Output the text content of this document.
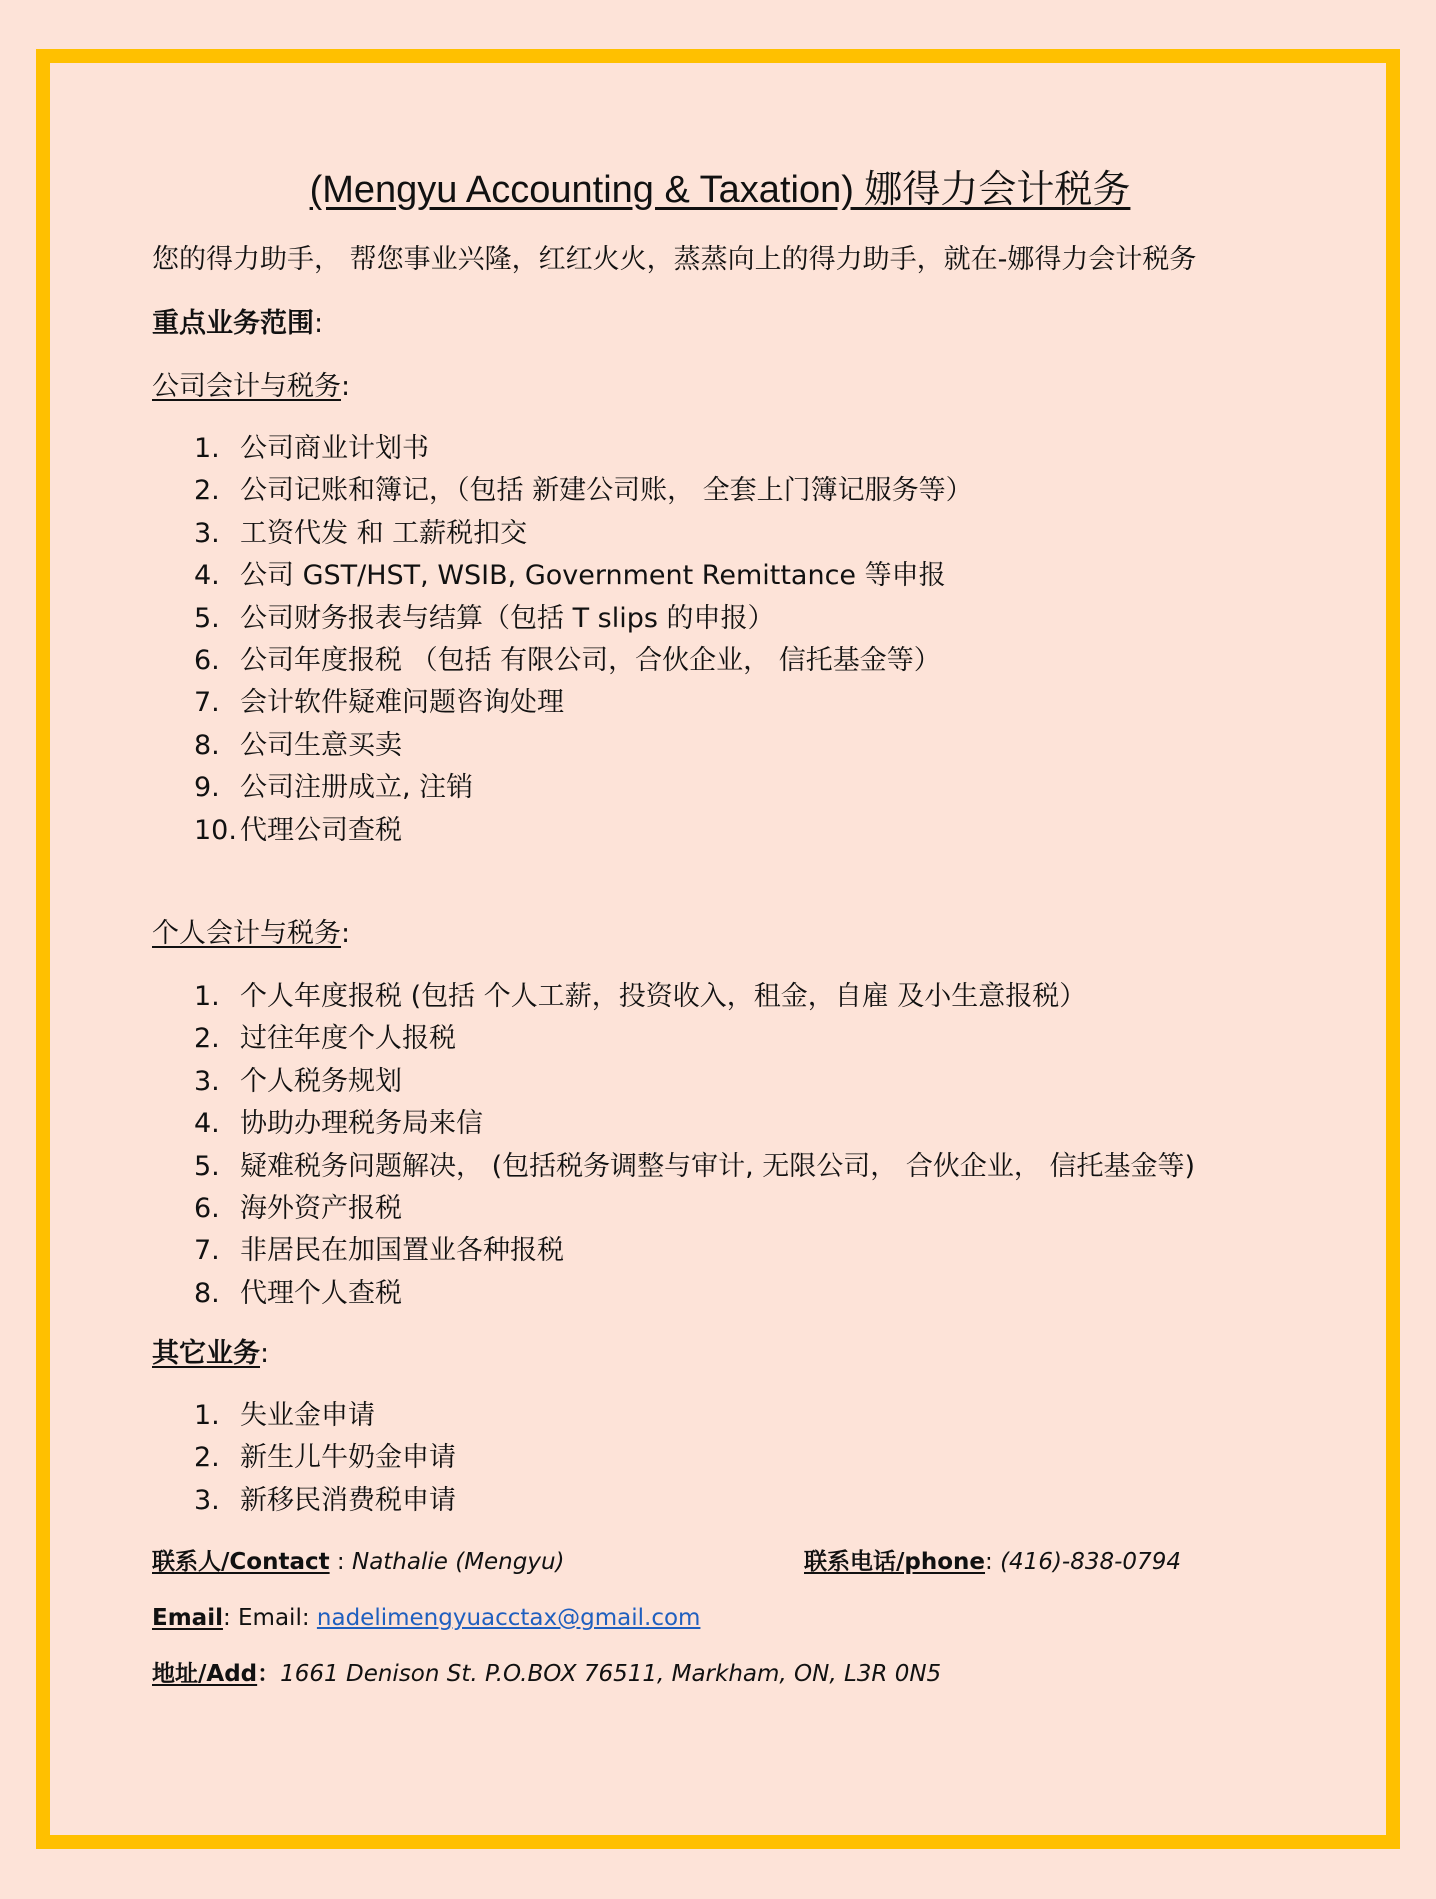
(Mengyu Accounting & Taxation) 娜得力会计税务
您的得力助手， 帮您事业兴隆，红红火火，蒸蒸向上的得力助手，就在-娜得力会计税务
重点业务范围:
公司会计与税务:
1. 公司商业计划书
2. 公司记账和簿记，（包括 新建公司账， 全套上门簿记服务等）
3. 工资代发 和 工薪税扣交
4. 公司 GST/HST, WSIB, Government Remittance 等申报
5. 公司财务报表与结算（包括 T slips 的申报）
6. 公司年度报税 （包括 有限公司，合伙企业， 信托基金等）
7. 会计软件疑难问题咨询处理
8. 公司生意买卖
9. 公司注册成立, 注销
10. 代理公司查税
个人会计与税务:
1. 个人年度报税 (包括 个人工薪，投资收入，租金，自雇 及小生意报税）
2. 过往年度个人报税
3. 个人税务规划
4. 协助办理税务局来信
5. 疑难税务问题解决， (包括税务调整与审计, 无限公司， 合伙企业， 信托基金等)
6. 海外资产报税
7. 非居民在加国置业各种报税
8. 代理个人查税
其它业务:
1. 失业金申请
2. 新生儿牛奶金申请
3. 新移民消费税申请
联系人/Contact : Nathalie (Mengyu)	联系电话/phone: (416)-838-0794
Email: Email: nadelimengyuacctax@gmail.com
地址/Add：1661 Denison St. P.O.BOX 76511, Markham, ON, L3R 0N5
